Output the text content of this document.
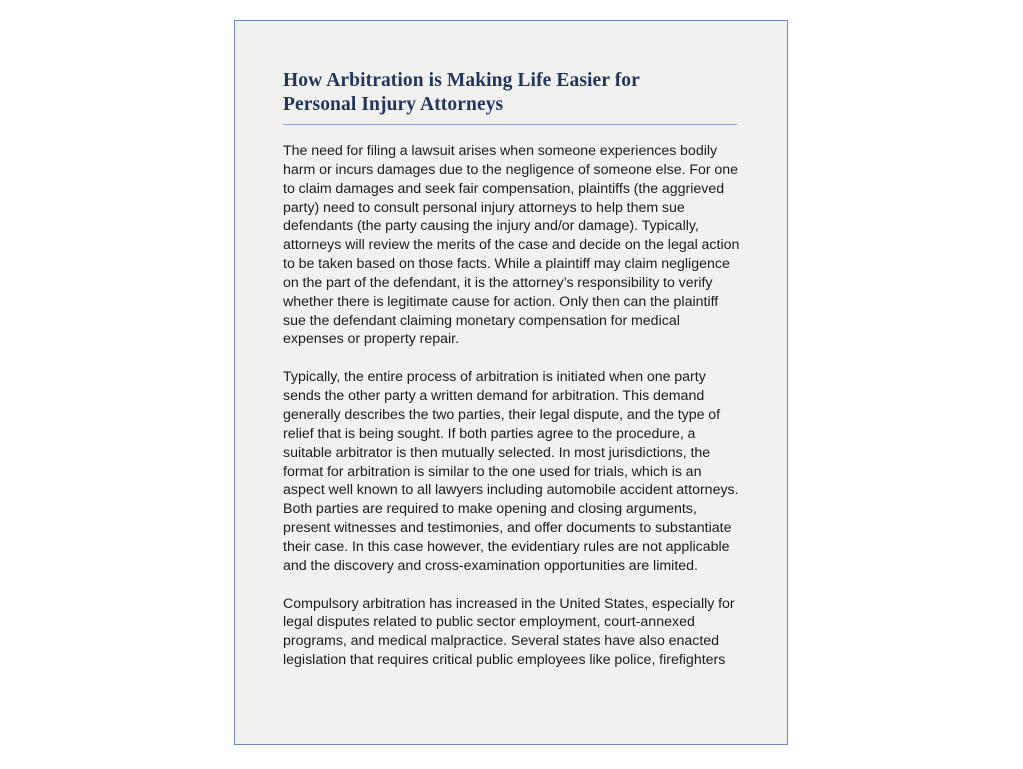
How Arbitration is Making Life Easier for
Personal Injury Attorneys

The need for filing a lawsuit arises when someone experiences bodily harm or incurs damages due to the negligence of someone else. For one to claim damages and seek fair compensation, plaintiffs (the aggrieved party) need to consult personal injury attorneys to help them sue defendants (the party causing the injury and/or damage). Typically, attorneys will review the merits of the case and decide on the legal action to be taken based on those facts. While a plaintiff may claim negligence on the part of the defendant, it is the attorney’s responsibility to verify whether there is legitimate cause for action. Only then can the plaintiff sue the defendant claiming monetary compensation for medical expenses or property repair.

Typically, the entire process of arbitration is initiated when one party sends the other party a written demand for arbitration. This demand generally describes the two parties, their legal dispute, and the type of relief that is being sought. If both parties agree to the procedure, a suitable arbitrator is then mutually selected. In most jurisdictions, the format for arbitration is similar to the one used for trials, which is an aspect well known to all lawyers including automobile accident attorneys. Both parties are required to make opening and closing arguments, present witnesses and testimonies, and offer documents to substantiate their case. In this case however, the evidentiary rules are not applicable and the discovery and cross-examination opportunities are limited.

Compulsory arbitration has increased in the United States, especially for legal disputes related to public sector employment, court-annexed programs, and medical malpractice. Several states have also enacted legislation that requires critical public employees like police, firefighters
